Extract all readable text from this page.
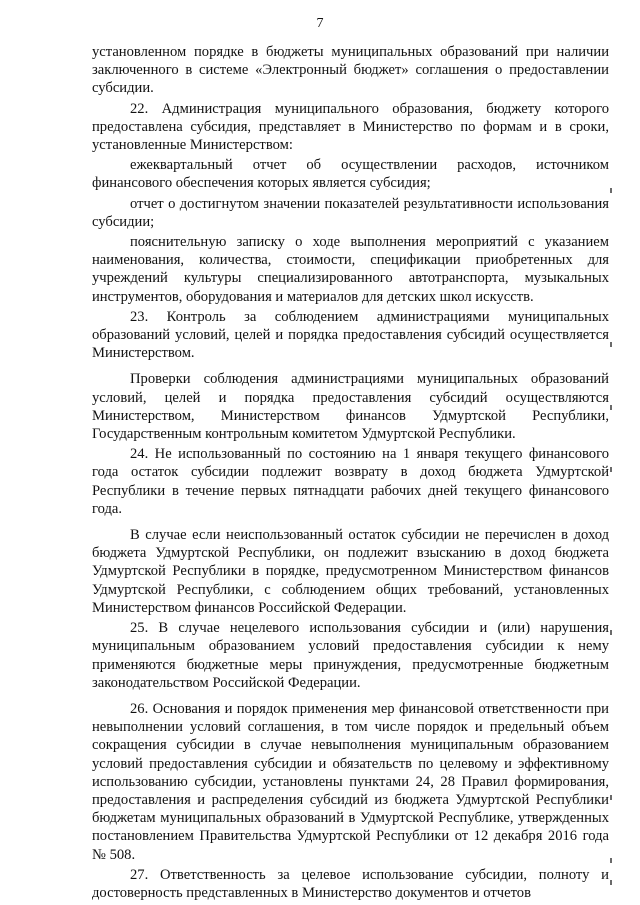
7

установленном порядке в бюджеты муниципальных образований при наличии заключенного в системе «Электронный бюджет» соглашения о предоставлении субсидии.

22. Администрация муниципального образования, бюджету которого предоставлена субсидия, представляет в Министерство по формам и в сроки, установленные Министерством:

ежеквартальный отчет об осуществлении расходов, источником финансового обеспечения которых является субсидия;

отчет о достигнутом значении показателей результативности использования субсидии;

пояснительную записку о ходе выполнения мероприятий с указанием наименования, количества, стоимости, спецификации приобретенных для учреждений культуры специализированного автотранспорта, музыкальных инструментов, оборудования и материалов для детских школ искусств.

23. Контроль за соблюдением администрациями муниципальных образований условий, целей и порядка предоставления субсидий осуществляется Министерством.

Проверки соблюдения администрациями муниципальных образований условий, целей и порядка предоставления субсидий осуществляются Министерством, Министерством финансов Удмуртской Республики, Государственным контрольным комитетом Удмуртской Республики.

24. Не использованный по состоянию на 1 января текущего финансового года остаток субсидии подлежит возврату в доход бюджета Удмуртской Республики в течение первых пятнадцати рабочих дней текущего финансового года.

В случае если неиспользованный остаток субсидии не перечислен в доход бюджета Удмуртской Республики, он подлежит взысканию в доход бюджета Удмуртской Республики в порядке, предусмотренном Министерством финансов Удмуртской Республики, с соблюдением общих требований, установленных Министерством финансов Российской Федерации.

25. В случае нецелевого использования субсидии и (или) нарушения муниципальным образованием условий предоставления субсидии к нему применяются бюджетные меры принуждения, предусмотренные бюджетным законодательством Российской Федерации.

26. Основания и порядок применения мер финансовой ответственности при невыполнении условий соглашения, в том числе порядок и предельный объем сокращения субсидии в случае невыполнения муниципальным образованием условий предоставления субсидии и обязательств по целевому и эффективному использованию субсидии, установлены пунктами 24, 28 Правил формирования, предоставления и распределения субсидий из бюджета Удмуртской Республики бюджетам муниципальных образований в Удмуртской Республике, утвержденных постановлением Правительства Удмуртской Республики от 12 декабря 2016 года № 508.

27. Ответственность за целевое использование субсидии, полноту и достоверность представленных в Министерство документов и отчетов
